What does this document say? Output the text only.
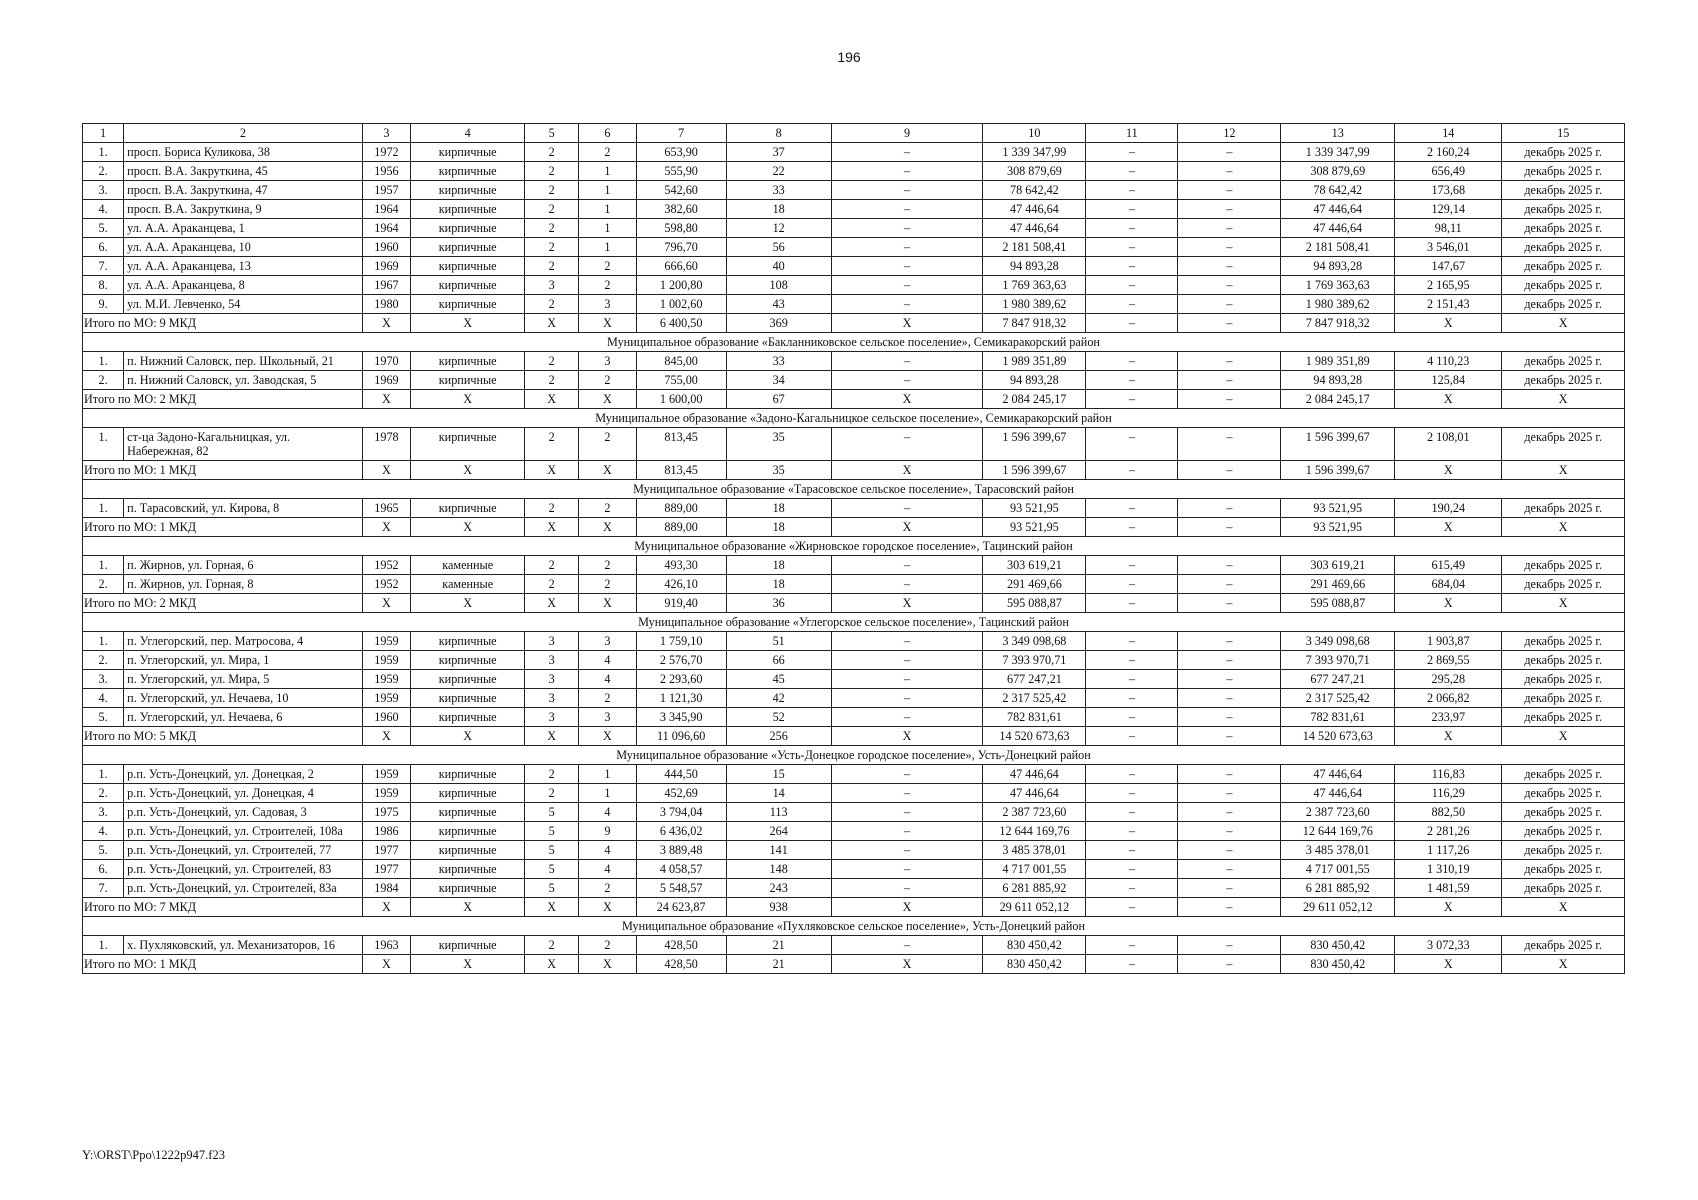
196
1	2	3	4	5	6	7	8	9	10	11	12	13	14	15
1.	просп. Бориса Куликова, 38	1972	кирпичные	2	2	653,90	37	–	1 339 347,99	–	–	1 339 347,99	2 160,24	декабрь 2025 г.
2.	просп. В.А. Закруткина, 45	1956	кирпичные	2	1	555,90	22	–	308 879,69	–	–	308 879,69	656,49	декабрь 2025 г.
3.	просп. В.А. Закруткина, 47	1957	кирпичные	2	1	542,60	33	–	78 642,42	–	–	78 642,42	173,68	декабрь 2025 г.
4.	просп. В.А. Закруткина, 9	1964	кирпичные	2	1	382,60	18	–	47 446,64	–	–	47 446,64	129,14	декабрь 2025 г.
5.	ул. А.А. Араканцева, 1	1964	кирпичные	2	1	598,80	12	–	47 446,64	–	–	47 446,64	98,11	декабрь 2025 г.
6.	ул. А.А. Араканцева, 10	1960	кирпичные	2	1	796,70	56	–	2 181 508,41	–	–	2 181 508,41	3 546,01	декабрь 2025 г.
7.	ул. А.А. Араканцева, 13	1969	кирпичные	2	2	666,60	40	–	94 893,28	–	–	94 893,28	147,67	декабрь 2025 г.
8.	ул. А.А. Араканцева, 8	1967	кирпичные	3	2	1 200,80	108	–	1 769 363,63	–	–	1 769 363,63	2 165,95	декабрь 2025 г.
9.	ул. М.И. Левченко, 54	1980	кирпичные	2	3	1 002,60	43	–	1 980 389,62	–	–	1 980 389,62	2 151,43	декабрь 2025 г.
Итого по МО: 9 МКД		X	X	X	X	6 400,50	369	X	7 847 918,32	–	–	7 847 918,32	X	X
Муниципальное образование «Бакланниковское сельское поселение», Семикаракорский район														
1.	п. Нижний Саловск, пер. Школьный, 21	1970	кирпичные	2	3	845,00	33	–	1 989 351,89	–	–	1 989 351,89	4 110,23	декабрь 2025 г.
2.	п. Нижний Саловск, ул. Заводская, 5	1969	кирпичные	2	2	755,00	34	–	94 893,28	–	–	94 893,28	125,84	декабрь 2025 г.
Итого по МО: 2 МКД		X	X	X	X	1 600,00	67	X	2 084 245,17	–	–	2 084 245,17	X	X
Муниципальное образование «Задоно-Кагальницкое сельское поселение», Семикаракорский район														
1.	ст-ца Задоно-Кагальницкая, ул. Набережная, 82	1978	кирпичные	2	2	813,45	35	–	1 596 399,67	–	–	1 596 399,67	2 108,01	декабрь 2025 г.
Итого по МО: 1 МКД		X	X	X	X	813,45	35	X	1 596 399,67	–	–	1 596 399,67	X	X
Муниципальное образование «Тарасовское сельское поселение», Тарасовский район														
1.	п. Тарасовский, ул. Кирова, 8	1965	кирпичные	2	2	889,00	18	–	93 521,95	–	–	93 521,95	190,24	декабрь 2025 г.
Итого по МО: 1 МКД		X	X	X	X	889,00	18	X	93 521,95	–	–	93 521,95	X	X
Муниципальное образование «Жирновское городское поселение», Тацинский район														
1.	п. Жирнов, ул. Горная, 6	1952	каменные	2	2	493,30	18	–	303 619,21	–	–	303 619,21	615,49	декабрь 2025 г.
2.	п. Жирнов, ул. Горная, 8	1952	каменные	2	2	426,10	18	–	291 469,66	–	–	291 469,66	684,04	декабрь 2025 г.
Итого по МО: 2 МКД		X	X	X	X	919,40	36	X	595 088,87	–	–	595 088,87	X	X
Муниципальное образование «Углегорское сельское поселение», Тацинский район														
1.	п. Углегорский, пер. Матросова, 4	1959	кирпичные	3	3	1 759,10	51	–	3 349 098,68	–	–	3 349 098,68	1 903,87	декабрь 2025 г.
2.	п. Углегорский, ул. Мира, 1	1959	кирпичные	3	4	2 576,70	66	–	7 393 970,71	–	–	7 393 970,71	2 869,55	декабрь 2025 г.
3.	п. Углегорский, ул. Мира, 5	1959	кирпичные	3	4	2 293,60	45	–	677 247,21	–	–	677 247,21	295,28	декабрь 2025 г.
4.	п. Углегорский, ул. Нечаева, 10	1959	кирпичные	3	2	1 121,30	42	–	2 317 525,42	–	–	2 317 525,42	2 066,82	декабрь 2025 г.
5.	п. Углегорский, ул. Нечаева, 6	1960	кирпичные	3	3	3 345,90	52	–	782 831,61	–	–	782 831,61	233,97	декабрь 2025 г.
Итого по МО: 5 МКД		X	X	X	X	11 096,60	256	X	14 520 673,63	–	–	14 520 673,63	X	X
Муниципальное образование «Усть-Донецкое городское поселение», Усть-Донецкий район														
1.	р.п. Усть-Донецкий, ул. Донецкая, 2	1959	кирпичные	2	1	444,50	15	–	47 446,64	–	–	47 446,64	116,83	декабрь 2025 г.
2.	р.п. Усть-Донецкий, ул. Донецкая, 4	1959	кирпичные	2	1	452,69	14	–	47 446,64	–	–	47 446,64	116,29	декабрь 2025 г.
3.	р.п. Усть-Донецкий, ул. Садовая, 3	1975	кирпичные	5	4	3 794,04	113	–	2 387 723,60	–	–	2 387 723,60	882,50	декабрь 2025 г.
4.	р.п. Усть-Донецкий, ул. Строителей, 108а	1986	кирпичные	5	9	6 436,02	264	–	12 644 169,76	–	–	12 644 169,76	2 281,26	декабрь 2025 г.
5.	р.п. Усть-Донецкий, ул. Строителей, 77	1977	кирпичные	5	4	3 889,48	141	–	3 485 378,01	–	–	3 485 378,01	1 117,26	декабрь 2025 г.
6.	р.п. Усть-Донецкий, ул. Строителей, 83	1977	кирпичные	5	4	4 058,57	148	–	4 717 001,55	–	–	4 717 001,55	1 310,19	декабрь 2025 г.
7.	р.п. Усть-Донецкий, ул. Строителей, 83а	1984	кирпичные	5	2	5 548,57	243	–	6 281 885,92	–	–	6 281 885,92	1 481,59	декабрь 2025 г.
Итого по МО: 7 МКД		X	X	X	X	24 623,87	938	X	29 611 052,12	–	–	29 611 052,12	X	X
Муниципальное образование «Пухляковское сельское поселение», Усть-Донецкий район														
1.	х. Пухляковский, ул. Механизаторов, 16	1963	кирпичные	2	2	428,50	21	–	830 450,42	–	–	830 450,42	3 072,33	декабрь 2025 г.
Итого по МО: 1 МКД		X	X	X	X	428,50	21	X	830 450,42	–	–	830 450,42	X	X
Y:\ORST\Ppo\1222p947.f23
